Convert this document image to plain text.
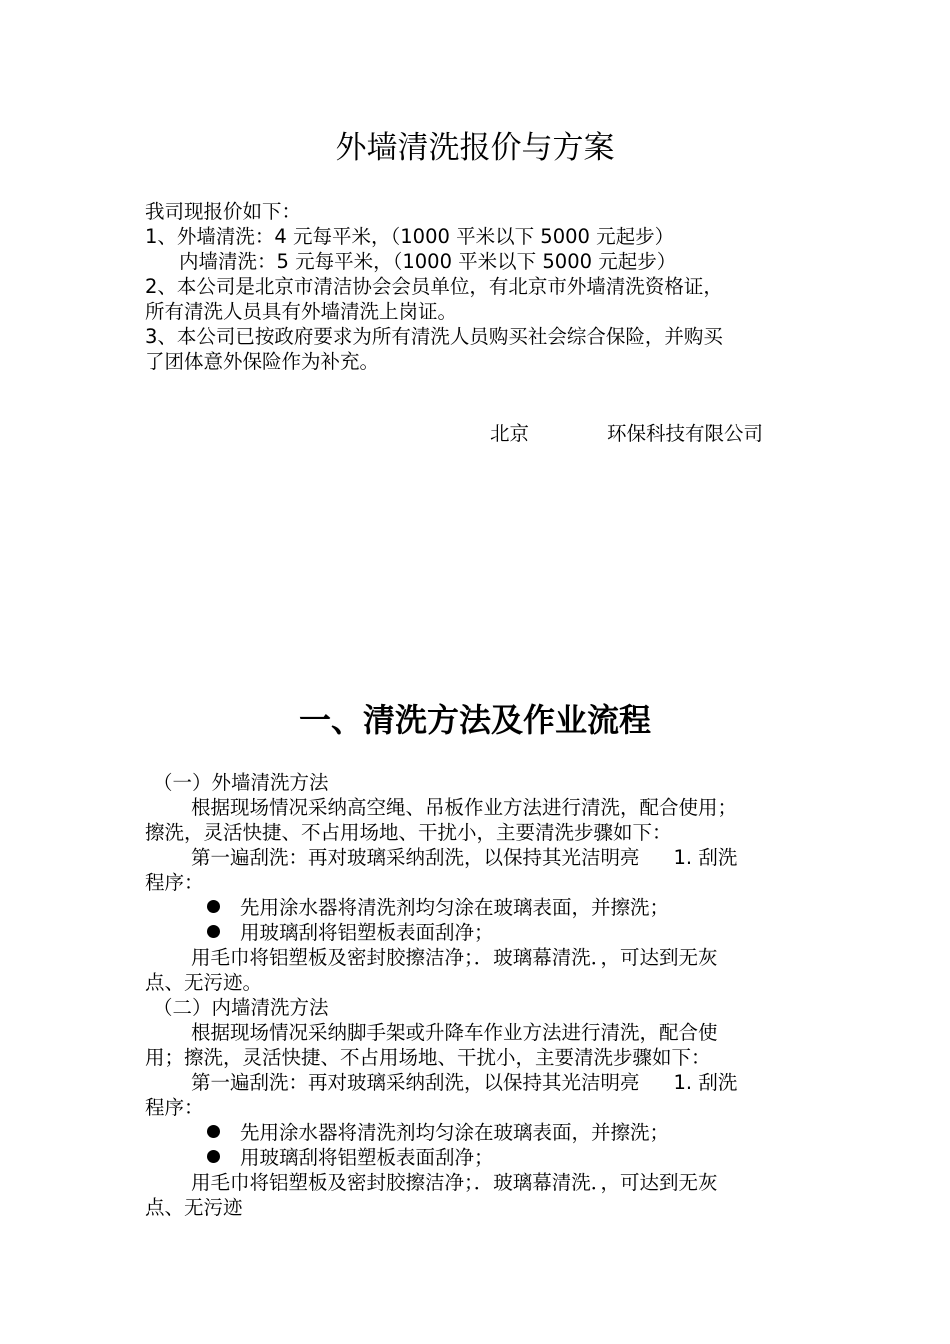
外墙清洗报价与方案

我司现报价如下：

1、外墙清洗：4 元每平米，（1000 平米以下 5000 元起步）

内墙清洗：5 元每平米，（1000 平米以下 5000 元起步）

2、本公司是北京市清洁协会会员单位，有北京市外墙清洗资格证，

所有清洗人员具有外墙清洗上岗证。

3、本公司已按政府要求为所有清洗人员购买社会综合保险，并购买

了团体意外保险作为补充。

北京	环保科技有限公司
一、清洗方法及作业流程

（一）外墙清洗方法

根据现场情况采纳高空绳、吊板作业方法进行清洗，配合使用；

擦洗，灵活快捷、不占用场地、干扰小，主要清洗步骤如下：

第一遍刮洗：再对玻璃采纳刮洗，以保持其光洁明亮 1. 刮洗

程序：

先用涂水器将清洗剂均匀涂在玻璃表面，并擦洗；

用玻璃刮将铝塑板表面刮净；

用毛巾将铝塑板及密封胶擦洁净；．玻璃幕清洗．，可达到无灰

点、无污迹。

（二）内墙清洗方法

根据现场情况采纳脚手架或升降车作业方法进行清洗，配合使

用；擦洗，灵活快捷、不占用场地、干扰小，主要清洗步骤如下：

第一遍刮洗：再对玻璃采纳刮洗，以保持其光洁明亮 1. 刮洗

程序：

先用涂水器将清洗剂均匀涂在玻璃表面，并擦洗；

用玻璃刮将铝塑板表面刮净；

用毛巾将铝塑板及密封胶擦洁净；．玻璃幕清洗．，可达到无灰

点、无污迹
